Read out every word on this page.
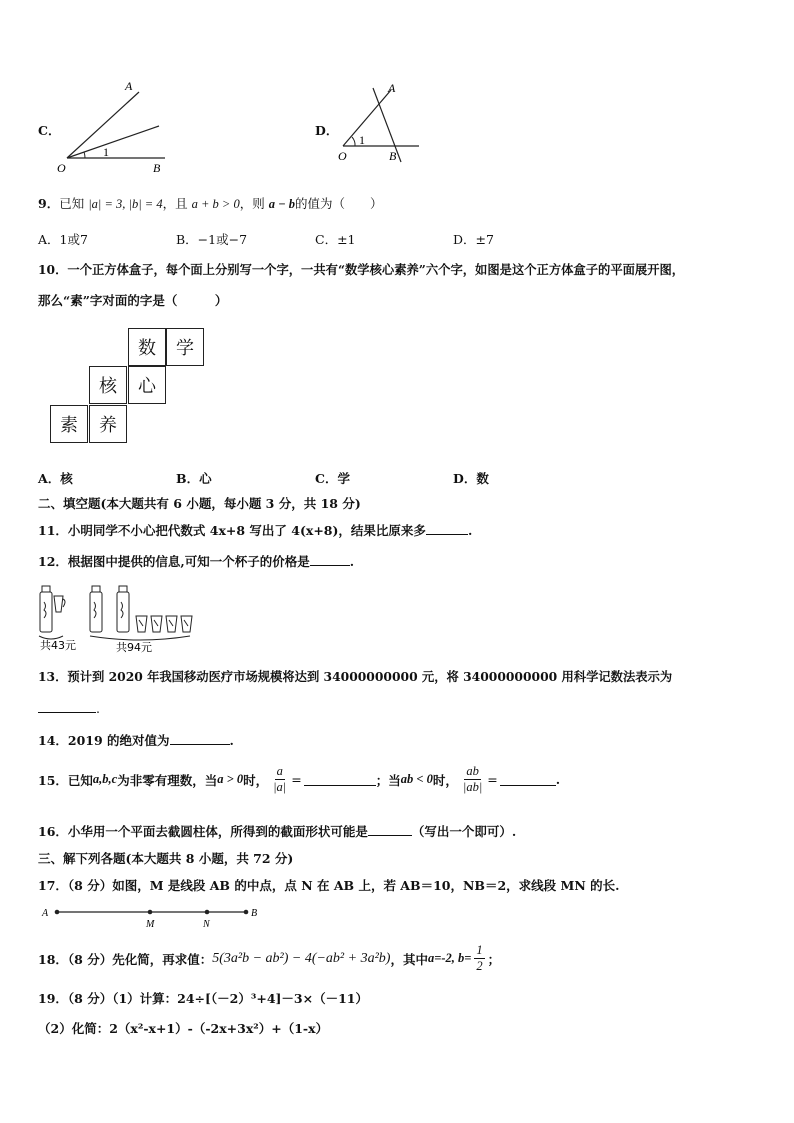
C．
A
O	B
1
D．
A
O	B
1
9．已知 |a| = 3, |b| = 4，且 a + b > 0，则 a − b的值为（　　）
A．1或7	B．−1或−7	C．±1	D．±7
10．一个正方体盒子，每个面上分别写一个字，一共有“数学核心素养”六个字，如图是这个正方体盒子的平面展开图，
那么“素”字对面的字是（　　　）
数	学
核	心
素	养
A．核	B．心	C．学	D．数
二、填空题(本大题共有 6 小题，每小题 3 分，共 18 分)
11．小明同学不小心把代数式 4x+8 写出了 4(x+8)，结果比原来多	.
12．根据图中提供的信息,可知一个杯子的价格是	.
共43元	共94元
13．预计到 2020 年我国移动医疗市场规模将达到 34000000000 元，将 34000000000 用科学记数法表示为
.
14．2019 的绝对值为	.
15．已知 a,b,c 为非零有理数，当 a > 0 时， $\frac{a}{|a|}$ =	；当 ab < 0 时， $\frac{ab}{|ab|}$ =	.
16．小华用一个平面去截圆柱体，所得到的截面形状可能是	（写出一个即可）.
三、解下列各题(本大题共 8 小题，共 72 分)
17．（8 分）如图，M 是线段 AB 的中点，点 N 在 AB 上，若 AB＝10，NB＝2，求线段 MN 的长.
A
M	N
B
18．（8 分）先化简，再求值： 5(3a²b − ab²) − 4(−ab² + 3a²b) ，其中 a=-2, $b= \frac{1}{2}$ ；
19．（8 分）（1）计算：24÷[（－2）³+4]－3×（－11）
（2）化简：2（x²-x+1）-（-2x+3x²）+（1-x）
